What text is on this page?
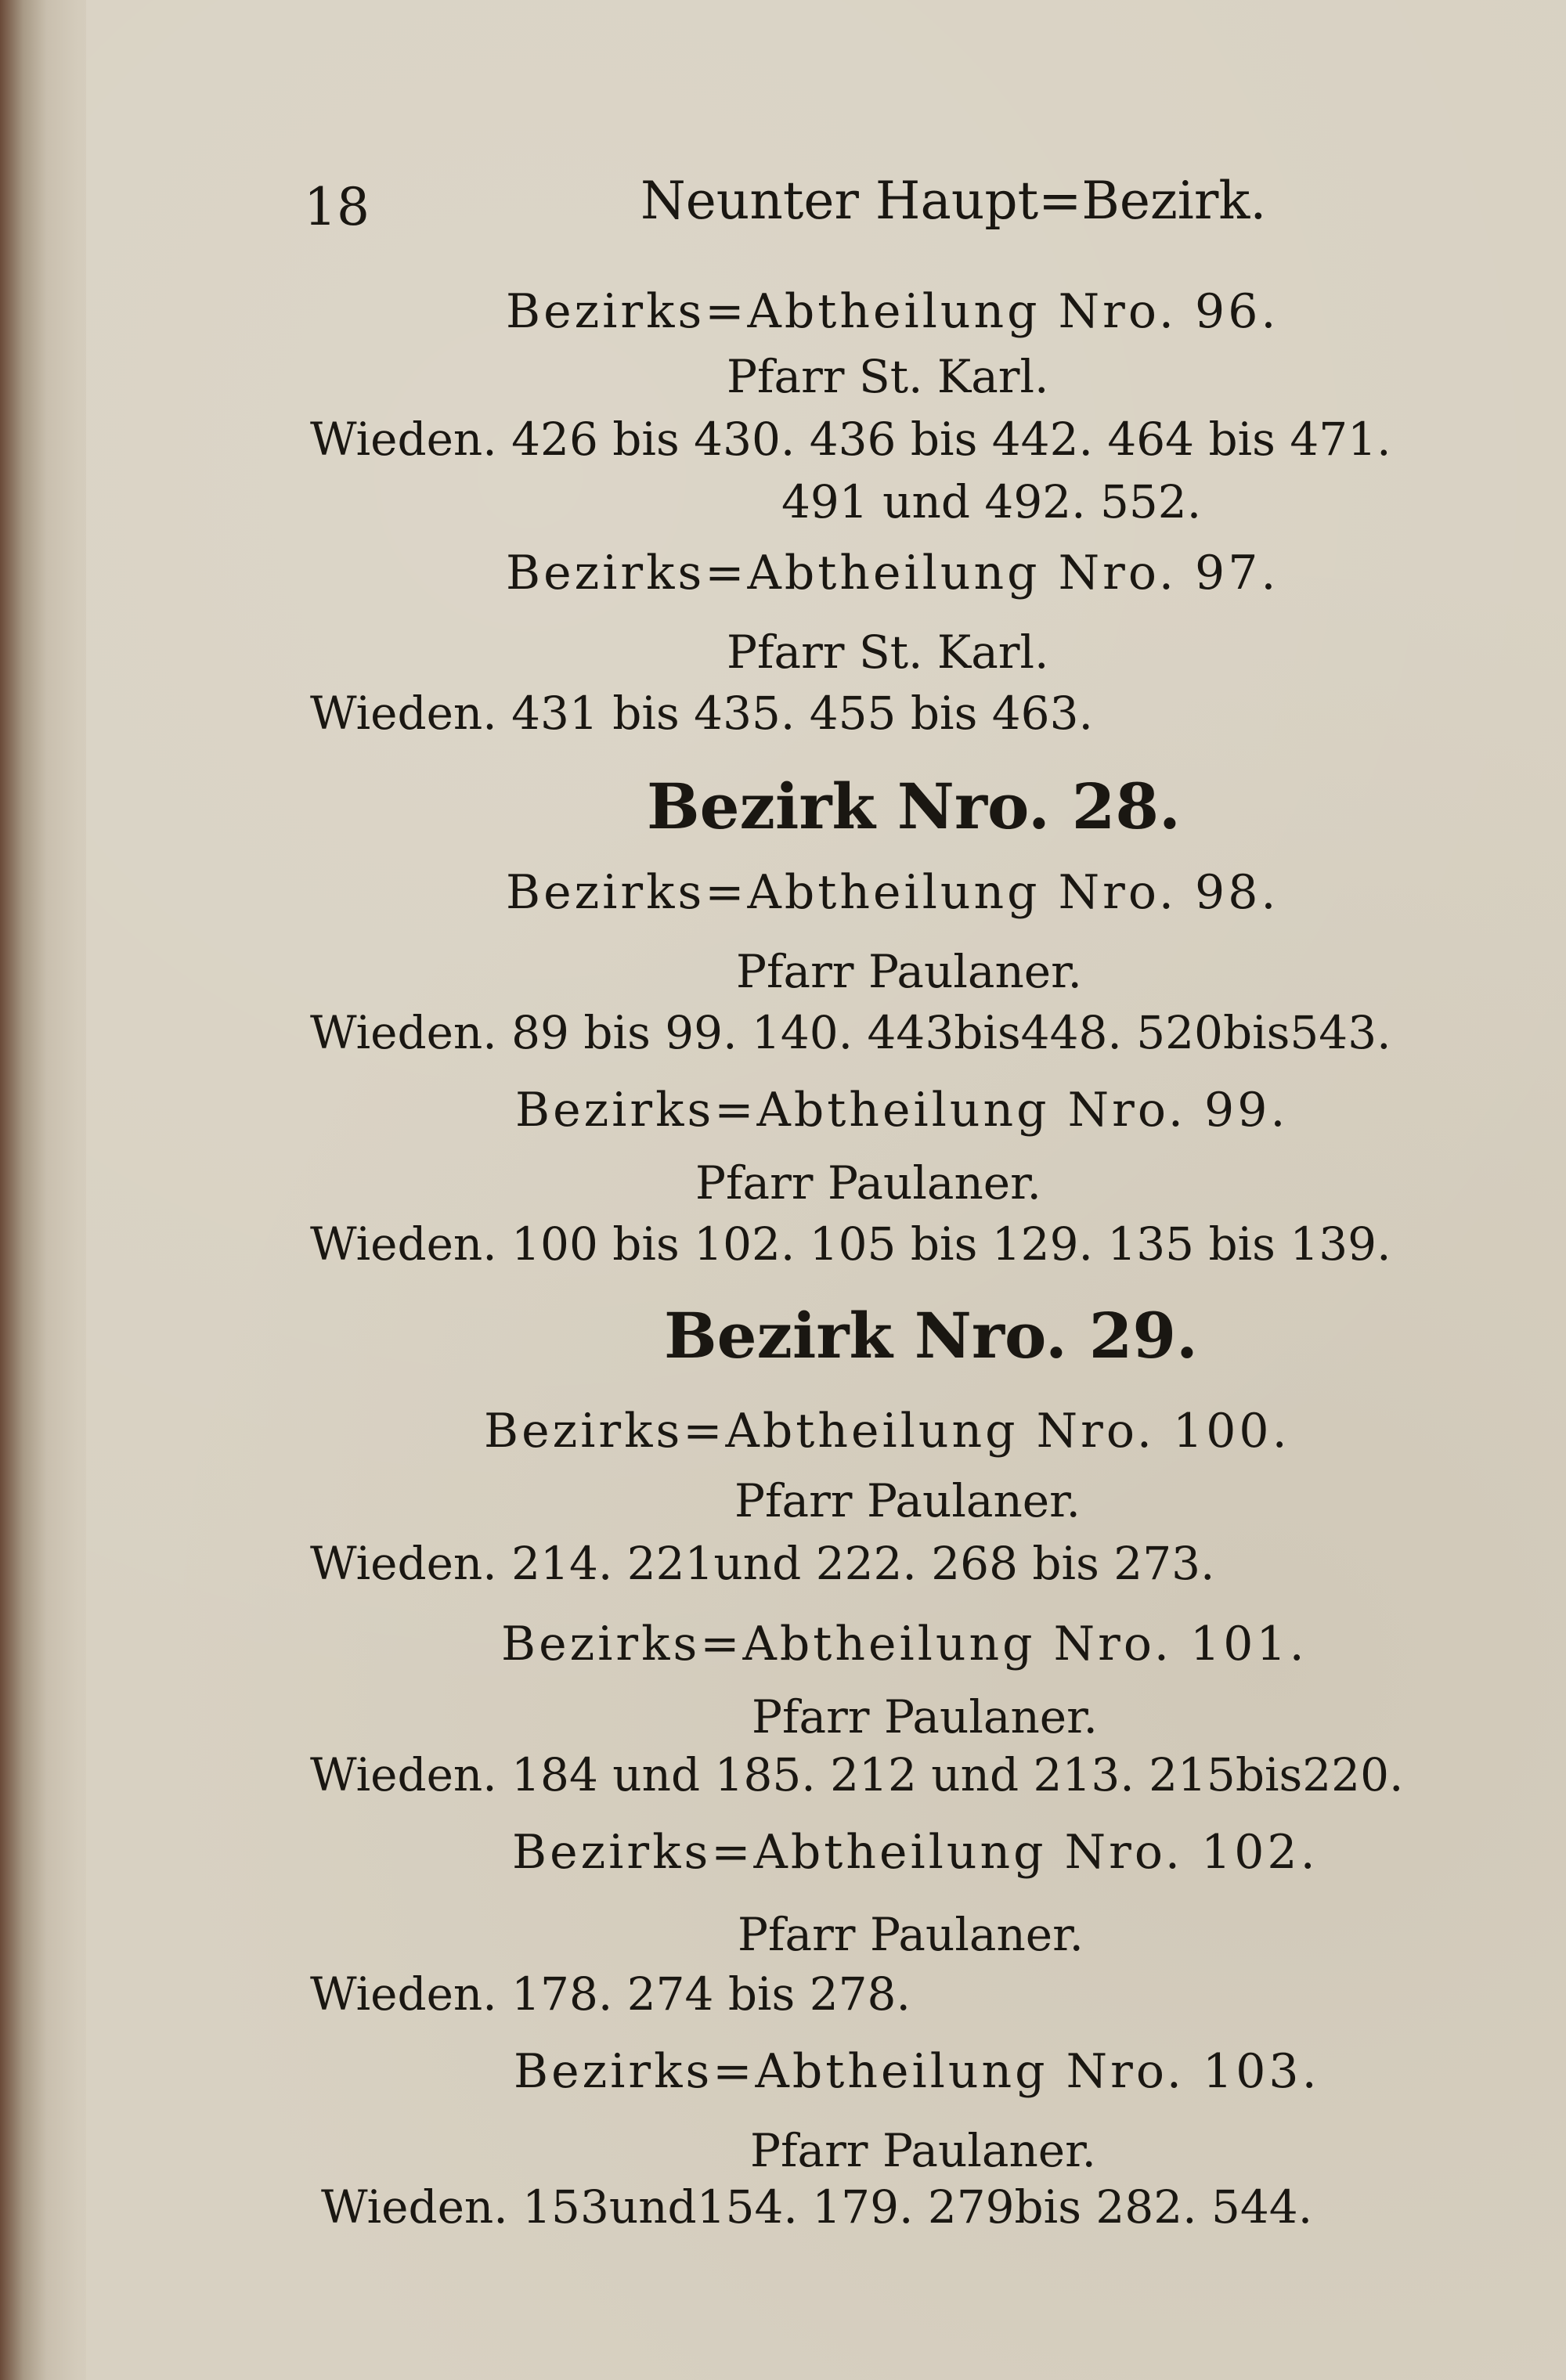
18	Neunter Haupt=Bezirk.
Bezirks=Abtheilung Nro. 96.
Pfarr St. Karl.
Wieden. 426 bis 430. 436 bis 442. 464 bis 471.
491 und 492. 552.
Bezirks=Abtheilung Nro. 97.
Pfarr St. Karl.
Wieden. 431 bis 435. 455 bis 463.
Bezirk Nro. 28.
Bezirks=Abtheilung Nro. 98.
Pfarr Paulaner.
Wieden. 89 bis 99. 140. 443bis448. 520bis543.
Bezirks=Abtheilung Nro. 99.
Pfarr Paulaner.
Wieden. 100 bis 102. 105 bis 129. 135 bis 139.
Bezirk Nro. 29.
Bezirks=Abtheilung Nro. 100.
Pfarr Paulaner.
Wieden. 214. 221und 222. 268 bis 273.
Bezirks=Abtheilung Nro. 101.
Pfarr Paulaner.
Wieden. 184 und 185. 212 und 213. 215bis220.
Bezirks=Abtheilung Nro. 102.
Pfarr Paulaner.
Wieden. 178. 274 bis 278.
Bezirks=Abtheilung Nro. 103.
Pfarr Paulaner.
Wieden. 153und154. 179. 279bis 282. 544.
